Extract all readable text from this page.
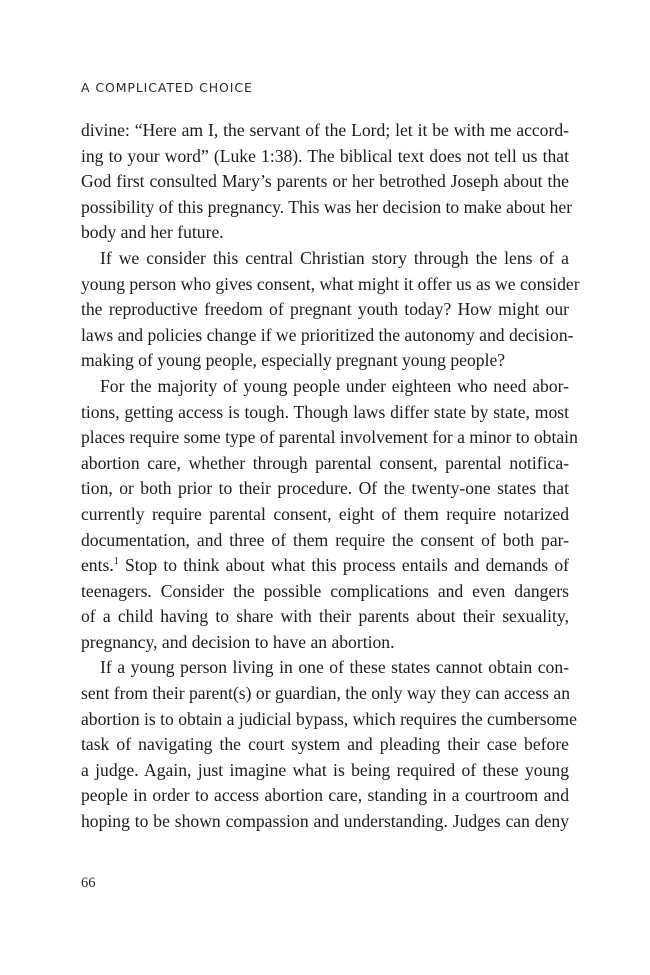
A COMPLICATED CHOICE
divine: “Here am I, the servant of the Lord; let it be with me accord-
ing to your word” (Luke 1:38). The biblical text does not tell us that
God first consulted Mary’s parents or her betrothed Joseph about the
possibility of this pregnancy. This was her decision to make about her
body and her future.
If we consider this central Christian story through the lens of a
young person who gives consent, what might it offer us as we consider
the reproductive freedom of pregnant youth today? How might our
laws and policies change if we prioritized the autonomy and decision-
making of young people, especially pregnant young people?
For the majority of young people under eighteen who need abor-
tions, getting access is tough. Though laws differ state by state, most
places require some type of parental involvement for a minor to obtain
abortion care, whether through parental consent, parental notifica-
tion, or both prior to their procedure. Of the twenty-one states that
currently require parental consent, eight of them require notarized
documentation, and three of them require the consent of both par-
ents.$^1$ Stop to think about what this process entails and demands of
teenagers. Consider the possible complications and even dangers
of a child having to share with their parents about their sexuality,
pregnancy, and decision to have an abortion.
If a young person living in one of these states cannot obtain con-
sent from their parent(s) or guardian, the only way they can access an
abortion is to obtain a judicial bypass, which requires the cumbersome
task of navigating the court system and pleading their case before
a judge. Again, just imagine what is being required of these young
people in order to access abortion care, standing in a courtroom and
hoping to be shown compassion and understanding. Judges can deny
66
